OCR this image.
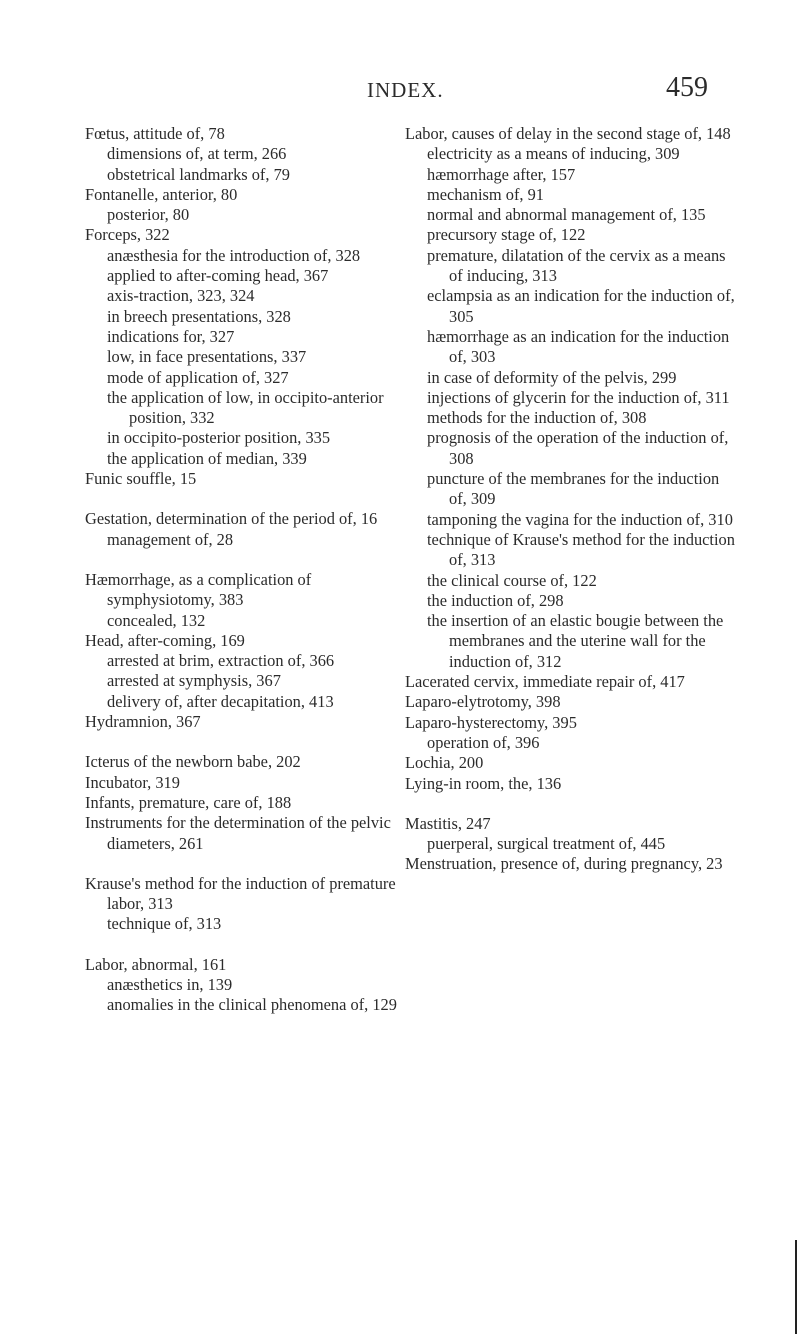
INDEX.	459
Fœtus, attitude of, 78
dimensions of, at term, 266
obstetrical landmarks of, 79
Fontanelle, anterior, 80
posterior, 80
Forceps, 322
anæsthesia for the introduction of, 328
applied to after-coming head, 367
axis-traction, 323, 324
in breech presentations, 328
indications for, 327
low, in face presentations, 337
mode of application of, 327
the application of low, in occipito-anterior position, 332
in occipito-posterior position, 335
the application of median, 339
Funic souffle, 15
Gestation, determination of the period of, 16
management of, 28
Hæmorrhage, as a complication of symphysiotomy, 383
concealed, 132
Head, after-coming, 169
arrested at brim, extraction of, 366
arrested at symphysis, 367
delivery of, after decapitation, 413
Hydramnion, 367
Icterus of the newborn babe, 202
Incubator, 319
Infants, premature, care of, 188
Instruments for the determination of the pelvic diameters, 261
Krause's method for the induction of premature labor, 313
technique of, 313
Labor, abnormal, 161
anæsthetics in, 139
anomalies in the clinical phenomena of, 129
Labor, causes of delay in the second stage of, 148
electricity as a means of inducing, 309
hæmorrhage after, 157
mechanism of, 91
normal and abnormal management of, 135
precursory stage of, 122
premature, dilatation of the cervix as a means of inducing, 313
eclampsia as an indication for the induction of, 305
hæmorrhage as an indication for the induction of, 303
in case of deformity of the pelvis, 299
injections of glycerin for the induction of, 311
methods for the induction of, 308
prognosis of the operation of the induction of, 308
puncture of the membranes for the induction of, 309
tamponing the vagina for the induction of, 310
technique of Krause's method for the induction of, 313
the clinical course of, 122
the induction of, 298
the insertion of an elastic bougie between the membranes and the uterine wall for the induction of, 312
Lacerated cervix, immediate repair of, 417
Laparo-elytrotomy, 398
Laparo-hysterectomy, 395
operation of, 396
Lochia, 200
Lying-in room, the, 136
Mastitis, 247
puerperal, surgical treatment of, 445
Menstruation, presence of, during pregnancy, 23
